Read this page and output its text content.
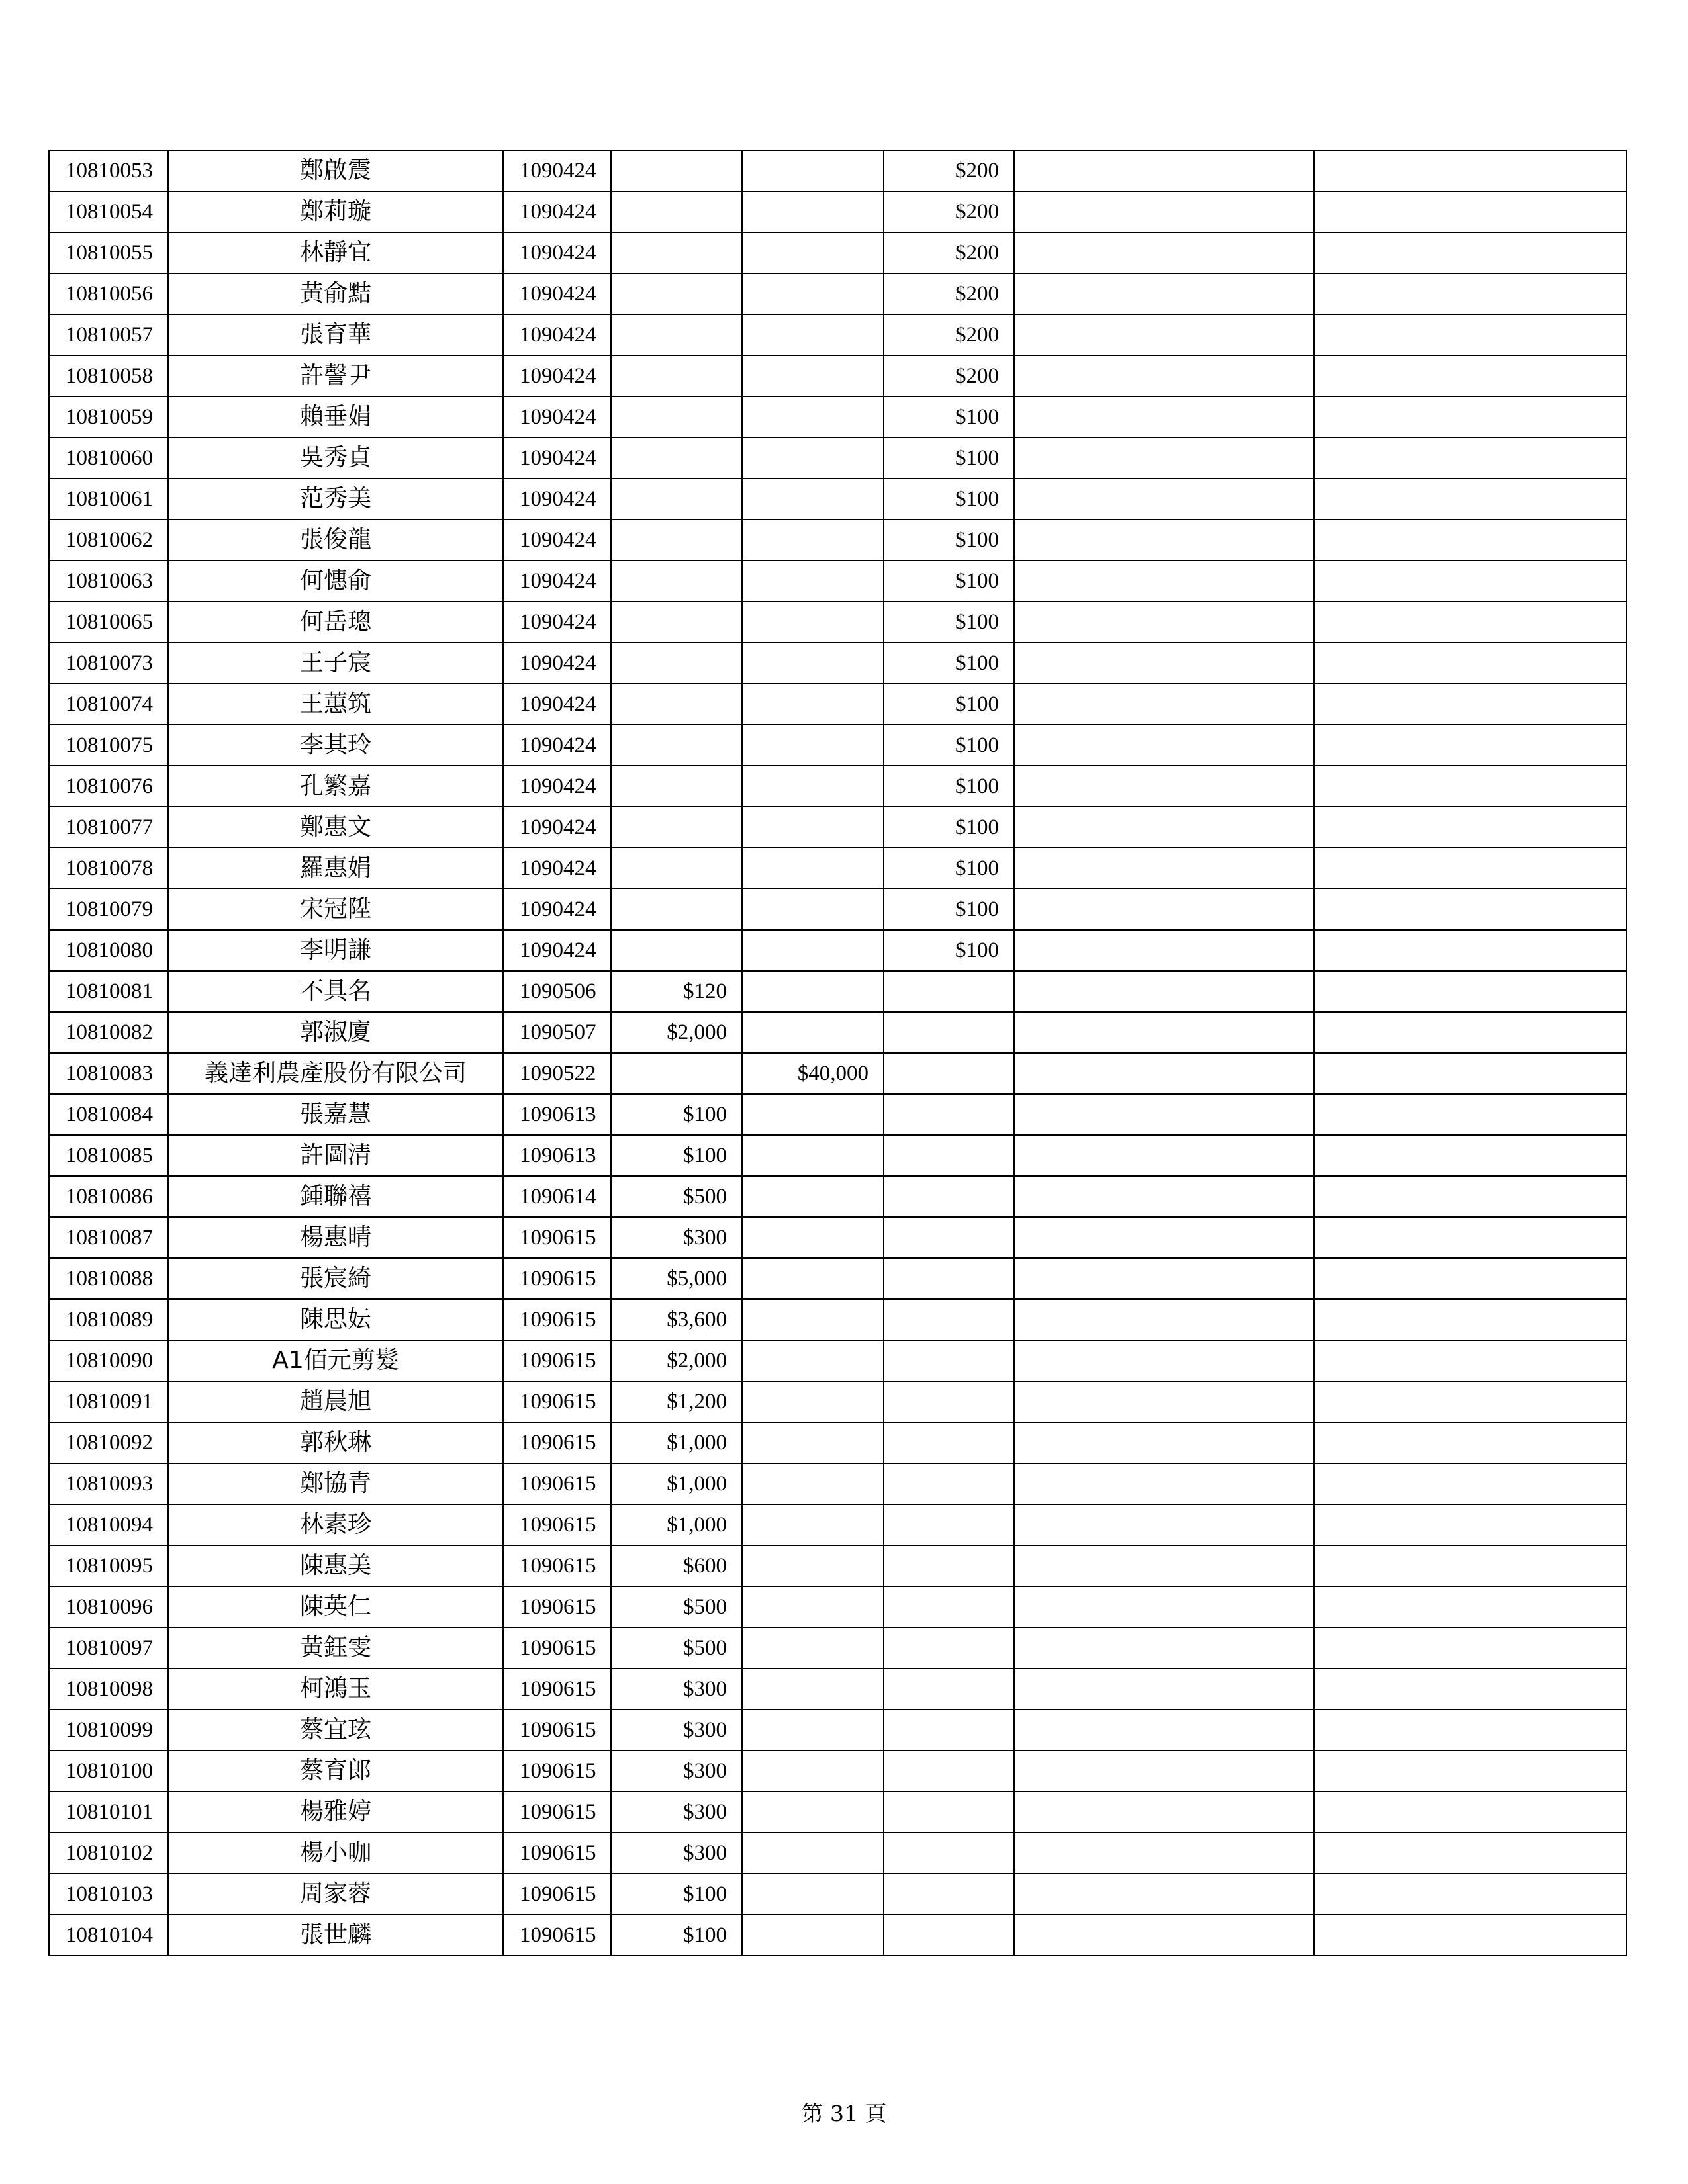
10810053	鄭啟震	1090424			$200		
10810054	鄭莉璇	1090424			$200		
10810055	林靜宜	1090424			$200		
10810056	黃俞黠	1090424			$200		
10810057	張育華	1090424			$200		
10810058	許謦尹	1090424			$200		
10810059	賴垂娟	1090424			$100		
10810060	吳秀貞	1090424			$100		
10810061	范秀美	1090424			$100		
10810062	張俊龍	1090424			$100		
10810063	何憓俞	1090424			$100		
10810065	何岳璁	1090424			$100		
10810073	王子宸	1090424			$100		
10810074	王蕙筑	1090424			$100		
10810075	李其玲	1090424			$100		
10810076	孔繁嘉	1090424			$100		
10810077	鄭惠文	1090424			$100		
10810078	羅惠娟	1090424			$100		
10810079	宋冠陞	1090424			$100		
10810080	李明謙	1090424			$100		
10810081	不具名	1090506	$120				
10810082	郭淑廈	1090507	$2,000				
10810083	義達利農產股份有限公司	1090522		$40,000			
10810084	張嘉慧	1090613	$100				
10810085	許圖清	1090613	$100				
10810086	鍾聯禧	1090614	$500				
10810087	楊惠晴	1090615	$300				
10810088	張宸綺	1090615	$5,000				
10810089	陳思妘	1090615	$3,600				
10810090	A1佰元剪髮	1090615	$2,000				
10810091	趙晨旭	1090615	$1,200				
10810092	郭秋琳	1090615	$1,000				
10810093	鄭協青	1090615	$1,000				
10810094	林素珍	1090615	$1,000				
10810095	陳惠美	1090615	$600				
10810096	陳英仁	1090615	$500				
10810097	黃鈺雯	1090615	$500				
10810098	柯鴻玉	1090615	$300				
10810099	蔡宜玹	1090615	$300				
10810100	蔡育郎	1090615	$300				
10810101	楊雅婷	1090615	$300				
10810102	楊小咖	1090615	$300				
10810103	周家蓉	1090615	$100				
10810104	張世麟	1090615	$100				
第 31 頁
